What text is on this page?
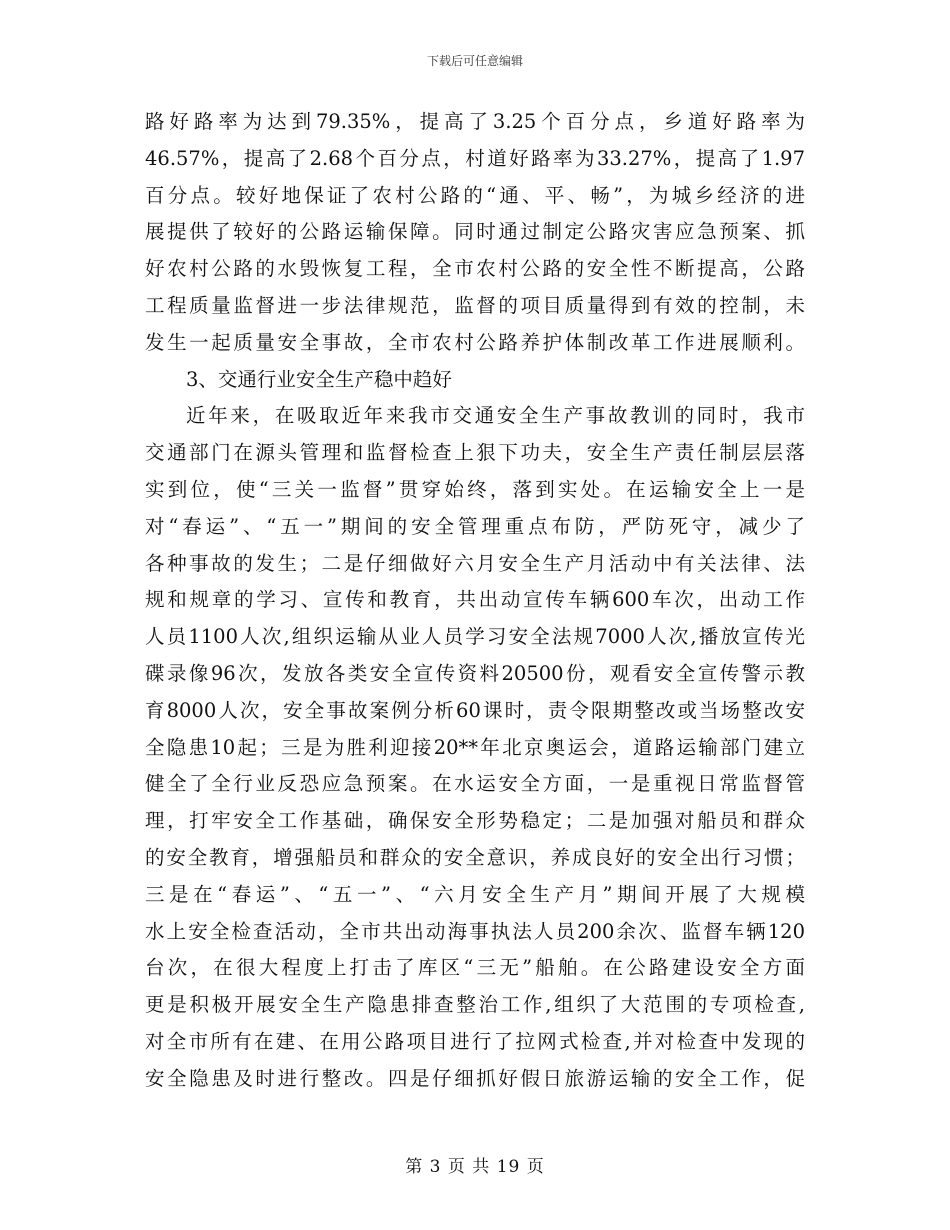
下载后可任意编辑
路好路率为达到79.35%，提高了3.25个百分点，乡道好路率为
46.57%，提高了2.68个百分点，村道好路率为33.27%，提高了1.97
百分点。较好地保证了农村公路的“通、平、畅”，为城乡经济的进
展提供了较好的公路运输保障。同时通过制定公路灾害应急预案、抓
好农村公路的水毁恢复工程，全市农村公路的安全性不断提高，公路
工程质量监督进一步法律规范，监督的项目质量得到有效的控制，未
发生一起质量安全事故，全市农村公路养护体制改革工作进展顺利。
3、交通行业安全生产稳中趋好
近年来，在吸取近年来我市交通安全生产事故教训的同时，我市
交通部门在源头管理和监督检查上狠下功夫，安全生产责任制层层落
实到位，使“三关一监督”贯穿始终，落到实处。在运输安全上一是
对“春运”、“五一”期间的安全管理重点布防，严防死守，减少了
各种事故的发生；二是仔细做好六月安全生产月活动中有关法律、法
规和规章的学习、宣传和教育，共出动宣传车辆600车次，出动工作
人员1100人次,组织运输从业人员学习安全法规7000人次,播放宣传光
碟录像96次，发放各类安全宣传资料20500份，观看安全宣传警示教
育8000人次，安全事故案例分析60课时，责令限期整改或当场整改安
全隐患10起；三是为胜利迎接20**年北京奥运会，道路运输部门建立
健全了全行业反恐应急预案。在水运安全方面，一是重视日常监督管
理，打牢安全工作基础，确保安全形势稳定；二是加强对船员和群众
的安全教育，增强船员和群众的安全意识，养成良好的安全出行习惯；
三是在“春运”、“五一”、“六月安全生产月”期间开展了大规模
水上安全检查活动，全市共出动海事执法人员200余次、监督车辆120
台次，在很大程度上打击了库区“三无”船舶。在公路建设安全方面
更是积极开展安全生产隐患排查整治工作,组织了大范围的专项检查,
对全市所有在建、在用公路项目进行了拉网式检查,并对检查中发现的
安全隐患及时进行整改。四是仔细抓好假日旅游运输的安全工作，促
第 3 页 共 19 页
